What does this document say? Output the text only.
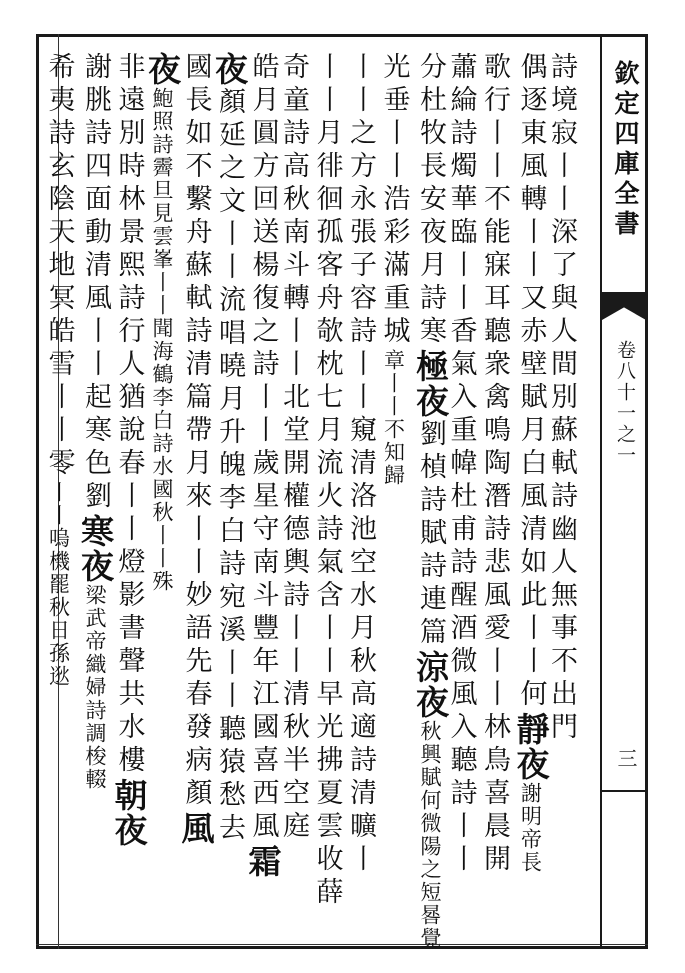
欽定四庫全書
卷八十一之一
三
詩境寂丨丨深了與人間別蘇軾詩幽人無事不出門
偶逐東風轉丨丨又赤壁賦月白風清如此丨丨何靜夜謝明帝長
歌行丨丨不能寐耳聽衆禽鳴陶潛詩悲風愛丨丨林鳥喜晨開
蕭綸詩燭華臨丨丨香氣入重幃杜甫詩醒酒微風入聽詩丨丨
分杜牧長安夜月詩寒極夜劉楨詩賦詩連篇涼夜秋興賦何微陽之短晷覺
光垂丨丨浩彩滿重城章丨丨不知歸
丨丨之方永張子容詩丨丨窺清洛池空水月秋高適詩清曠丨
丨丨月徘徊孤客舟欹枕七月流火詩氣含丨丨早光拂夏雲收薛
奇童詩高秋南斗轉丨丨北堂開權德輿詩丨丨清秋半空庭
皓月圓方回送楊復之詩丨丨歲星守南斗豐年江國喜西風霜
夜顏延之文丨丨流唱曉月升魄李白詩宛溪丨丨聽猿愁去
國長如不繫舟蘇軾詩清篇帶月來丨丨妙語先春發病顏風
夜鮑照詩霽旦見雲峯丨丨聞海鶴李白詩水國秋丨丨殊
非遠別時林景熙詩行人猶說春丨丨燈影書聲共水樓朝夜
謝朓詩四面動清風丨丨起寒色劉寒夜梁武帝織婦詩調梭輟
希夷詩玄陰天地冥皓雪丨丨零丨丨嗚機罷秋日孫逖
